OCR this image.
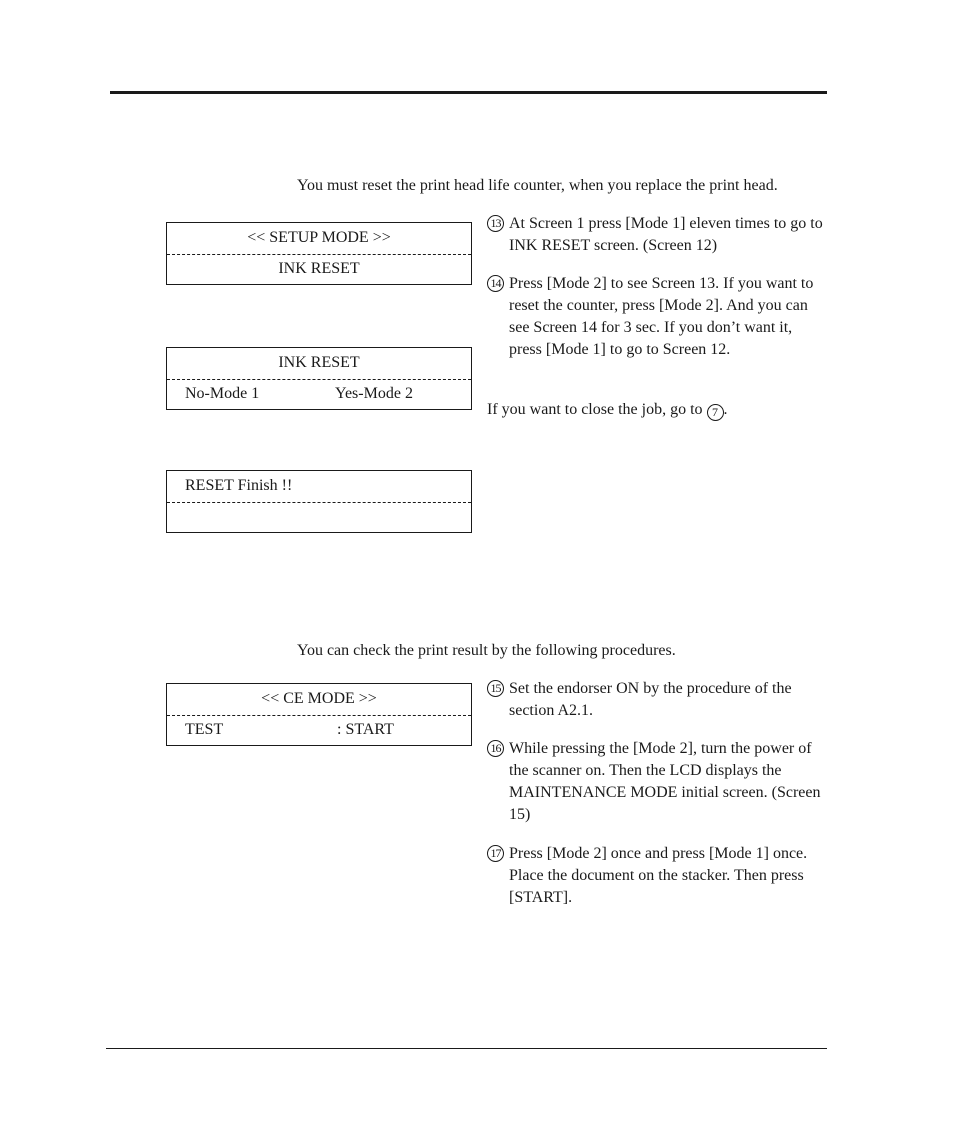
You must reset the print head life counter, when you replace the print head.
<< SETUP MODE >>
INK RESET
INK RESET
No-Mode 1	Yes-Mode 2
RESET Finish !!
13 At Screen 1 press [Mode 1] eleven times to go to INK RESET screen. (Screen 12)
14 Press [Mode 2] to see Screen 13. If you want to reset the counter, press [Mode 2]. And you can see Screen 14 for 3 sec. If you don’t want it, press [Mode 1] to go to Screen 12.
If you want to close the job, go to 7 .
You can check the print result by the following procedures.
<< CE MODE >>
TEST	: START
15 Set the endorser ON by the procedure of the section A2.1.
16 While pressing the [Mode 2], turn the power of the scanner on. Then the LCD displays the MAINTENANCE MODE initial screen. (Screen 15)
17 Press [Mode 2] once and press [Mode 1] once. Place the document on the stacker. Then press [START].
